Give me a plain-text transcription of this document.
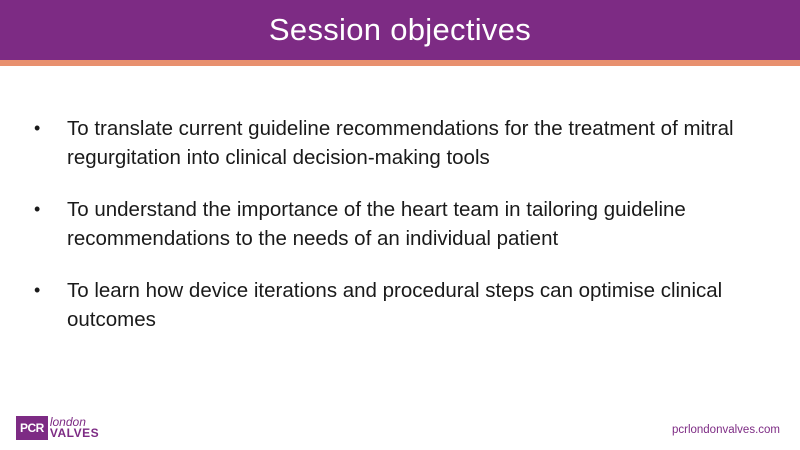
Session objectives
• To translate current guideline recommendations for the treatment of mitral regurgitation into clinical decision-making tools
• To understand the importance of the heart team in tailoring guideline recommendations to the needs of an individual patient
• To learn how device iterations and procedural steps can optimise clinical outcomes
PCR london
VALVES	pcrlondonvalves.com
